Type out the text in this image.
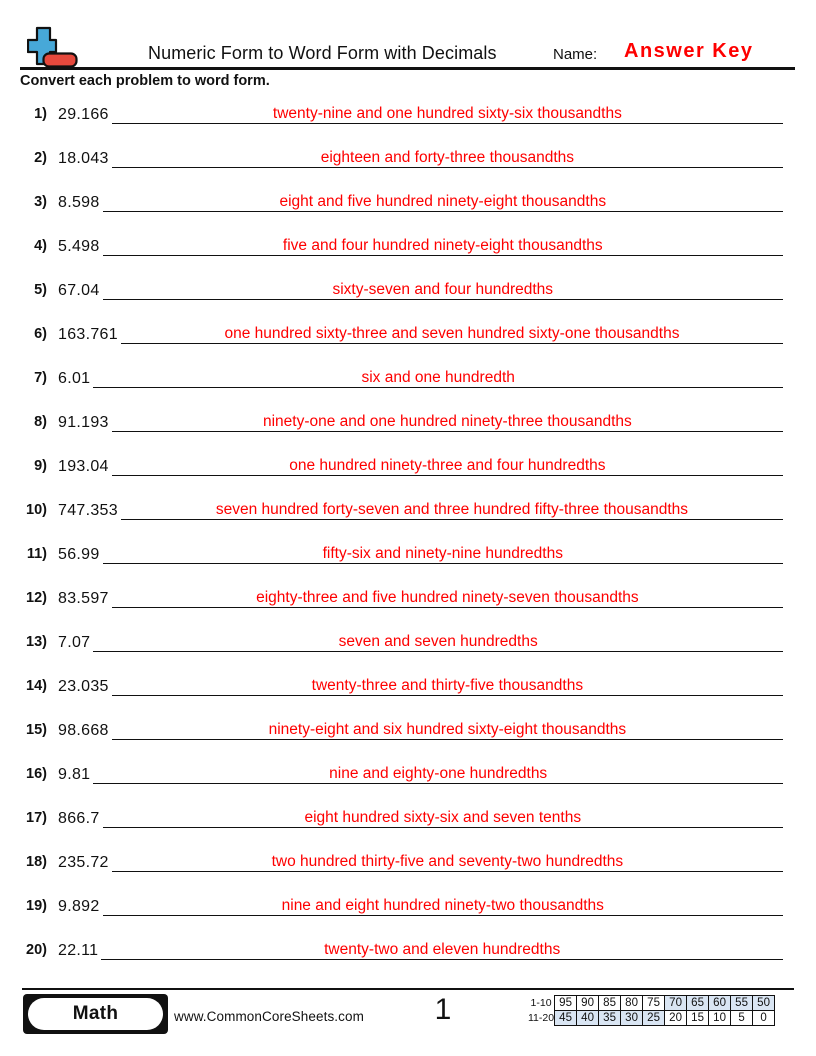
Numeric Form to Word Form with Decimals	Name: Answer Key
Convert each problem to word form.
1) 29.166	twenty-nine and one hundred sixty-six thousandths
2) 18.043	eighteen and forty-three thousandths
3) 8.598	eight and five hundred ninety-eight thousandths
4) 5.498	five and four hundred ninety-eight thousandths
5) 67.04	sixty-seven and four hundredths
6) 163.761	one hundred sixty-three and seven hundred sixty-one thousandths
7) 6.01	six and one hundredth
8) 91.193	ninety-one and one hundred ninety-three thousandths
9) 193.04	one hundred ninety-three and four hundredths
10) 747.353	seven hundred forty-seven and three hundred fifty-three thousandths
11) 56.99	fifty-six and ninety-nine hundredths
12) 83.597	eighty-three and five hundred ninety-seven thousandths
13) 7.07	seven and seven hundredths
14) 23.035	twenty-three and thirty-five thousandths
15) 98.668	ninety-eight and six hundred sixty-eight thousandths
16) 9.81	nine and eighty-one hundredths
17) 866.7	eight hundred sixty-six and seven tenths
18) 235.72	two hundred thirty-five and seventy-two hundredths
19) 9.892	nine and eight hundred ninety-two thousandths
20) 22.11	twenty-two and eleven hundredths
Math	www.CommonCoreSheets.com 1	1-10	95	90	85	80	75	70	65	60	55	50
11-20	45	40	35	30	25	20	15	10	5	0
